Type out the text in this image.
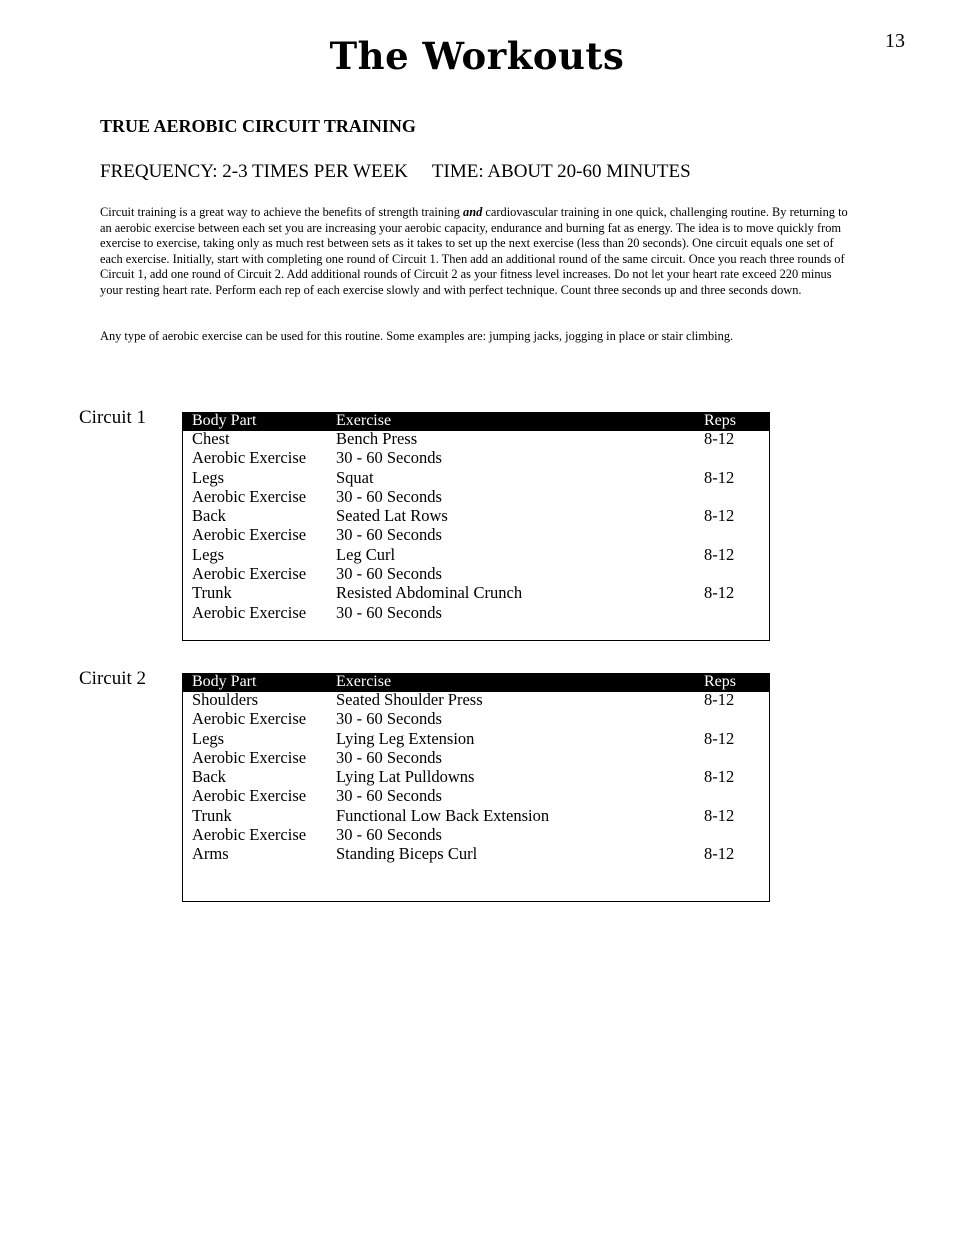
13
The Workouts
TRUE AEROBIC CIRCUIT TRAINING
FREQUENCY: 2-3 TIMES PER WEEK TIME: ABOUT 20-60 MINUTES

Circuit training is a great way to achieve the benefits of strength training and cardiovascular training in one quick, challenging routine. By returning to an aerobic exercise between each set you are increasing your aerobic capacity, endurance and burning fat as energy. The idea is to move quickly from exercise to exercise, taking only as much rest between sets as it takes to set up the next exercise (less than 20 seconds). One circuit equals one set of each exercise. Initially, start with completing one round of Circuit 1. Then add an additional round of the same circuit. Once you reach three rounds of Circuit 1, add one round of Circuit 2. Add additional rounds of Circuit 2 as your fitness level increases. Do not let your heart rate exceed 220 minus your resting heart rate. Perform each rep of each exercise slowly and with perfect technique. Count three seconds up and three seconds down.

Any type of aerobic exercise can be used for this routine. Some examples are: jumping jacks, jogging in place or stair climbing.

Circuit 1	Body Part	Exercise	Reps
Chest	Bench Press	8-12
Aerobic Exercise 30 - 60 Seconds
Legs	Squat	8-12
Aerobic Exercise 30 - 60 Seconds
Back	Seated Lat Rows	8-12
Aerobic Exercise 30 - 60 Seconds
Legs	Leg Curl	8-12
Aerobic Exercise 30 - 60 Seconds
Trunk	Resisted Abdominal Crunch	8-12
Aerobic Exercise 30 - 60 Seconds
Circuit 2	Body Part	Exercise	Reps
Shoulders	Seated Shoulder Press	8-12
Aerobic Exercise 30 - 60 Seconds
Legs	Lying Leg Extension	8-12
Aerobic Exercise 30 - 60 Seconds
Back	Lying Lat Pulldowns	8-12
Aerobic Exercise 30 - 60 Seconds
Trunk	Functional Low Back Extension	8-12
Aerobic Exercise 30 - 60 Seconds
Arms	Standing Biceps Curl	8-12
